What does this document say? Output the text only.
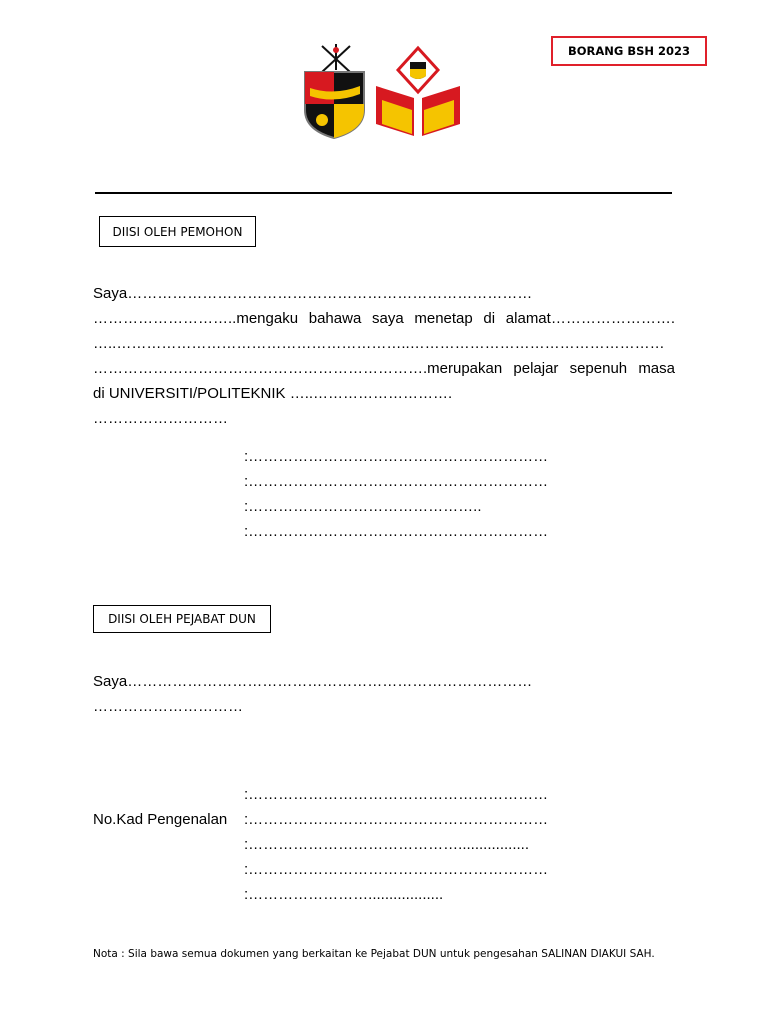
BORANG BSH 2023
DIISI OLEH PEMOHON
Saya………………………………………………………………………
………………………..mengaku bahawa saya menetap di alamat…………………….
…..…………………………………………………..……………………………………………
………………………………………………………….merupakan pelajar sepenuh masa
di UNIVERSITI/POLITEKNIK …..……………………….
………………………
:……………………………………………………
:……………………………………………………
:………………………………………..
:……………………………………………………
DIISI OLEH PEJABAT DUN
Saya………………………………………………………………………
…………………………
:……………………………………………………
No.Kad Pengenalan :……………………………………………………
:…………………………………….................
:……………………………………………………
:……………………..................
Nota : Sila bawa semua dokumen yang berkaitan ke Pejabat DUN untuk pengesahan SALINAN DIAKUI SAH.
